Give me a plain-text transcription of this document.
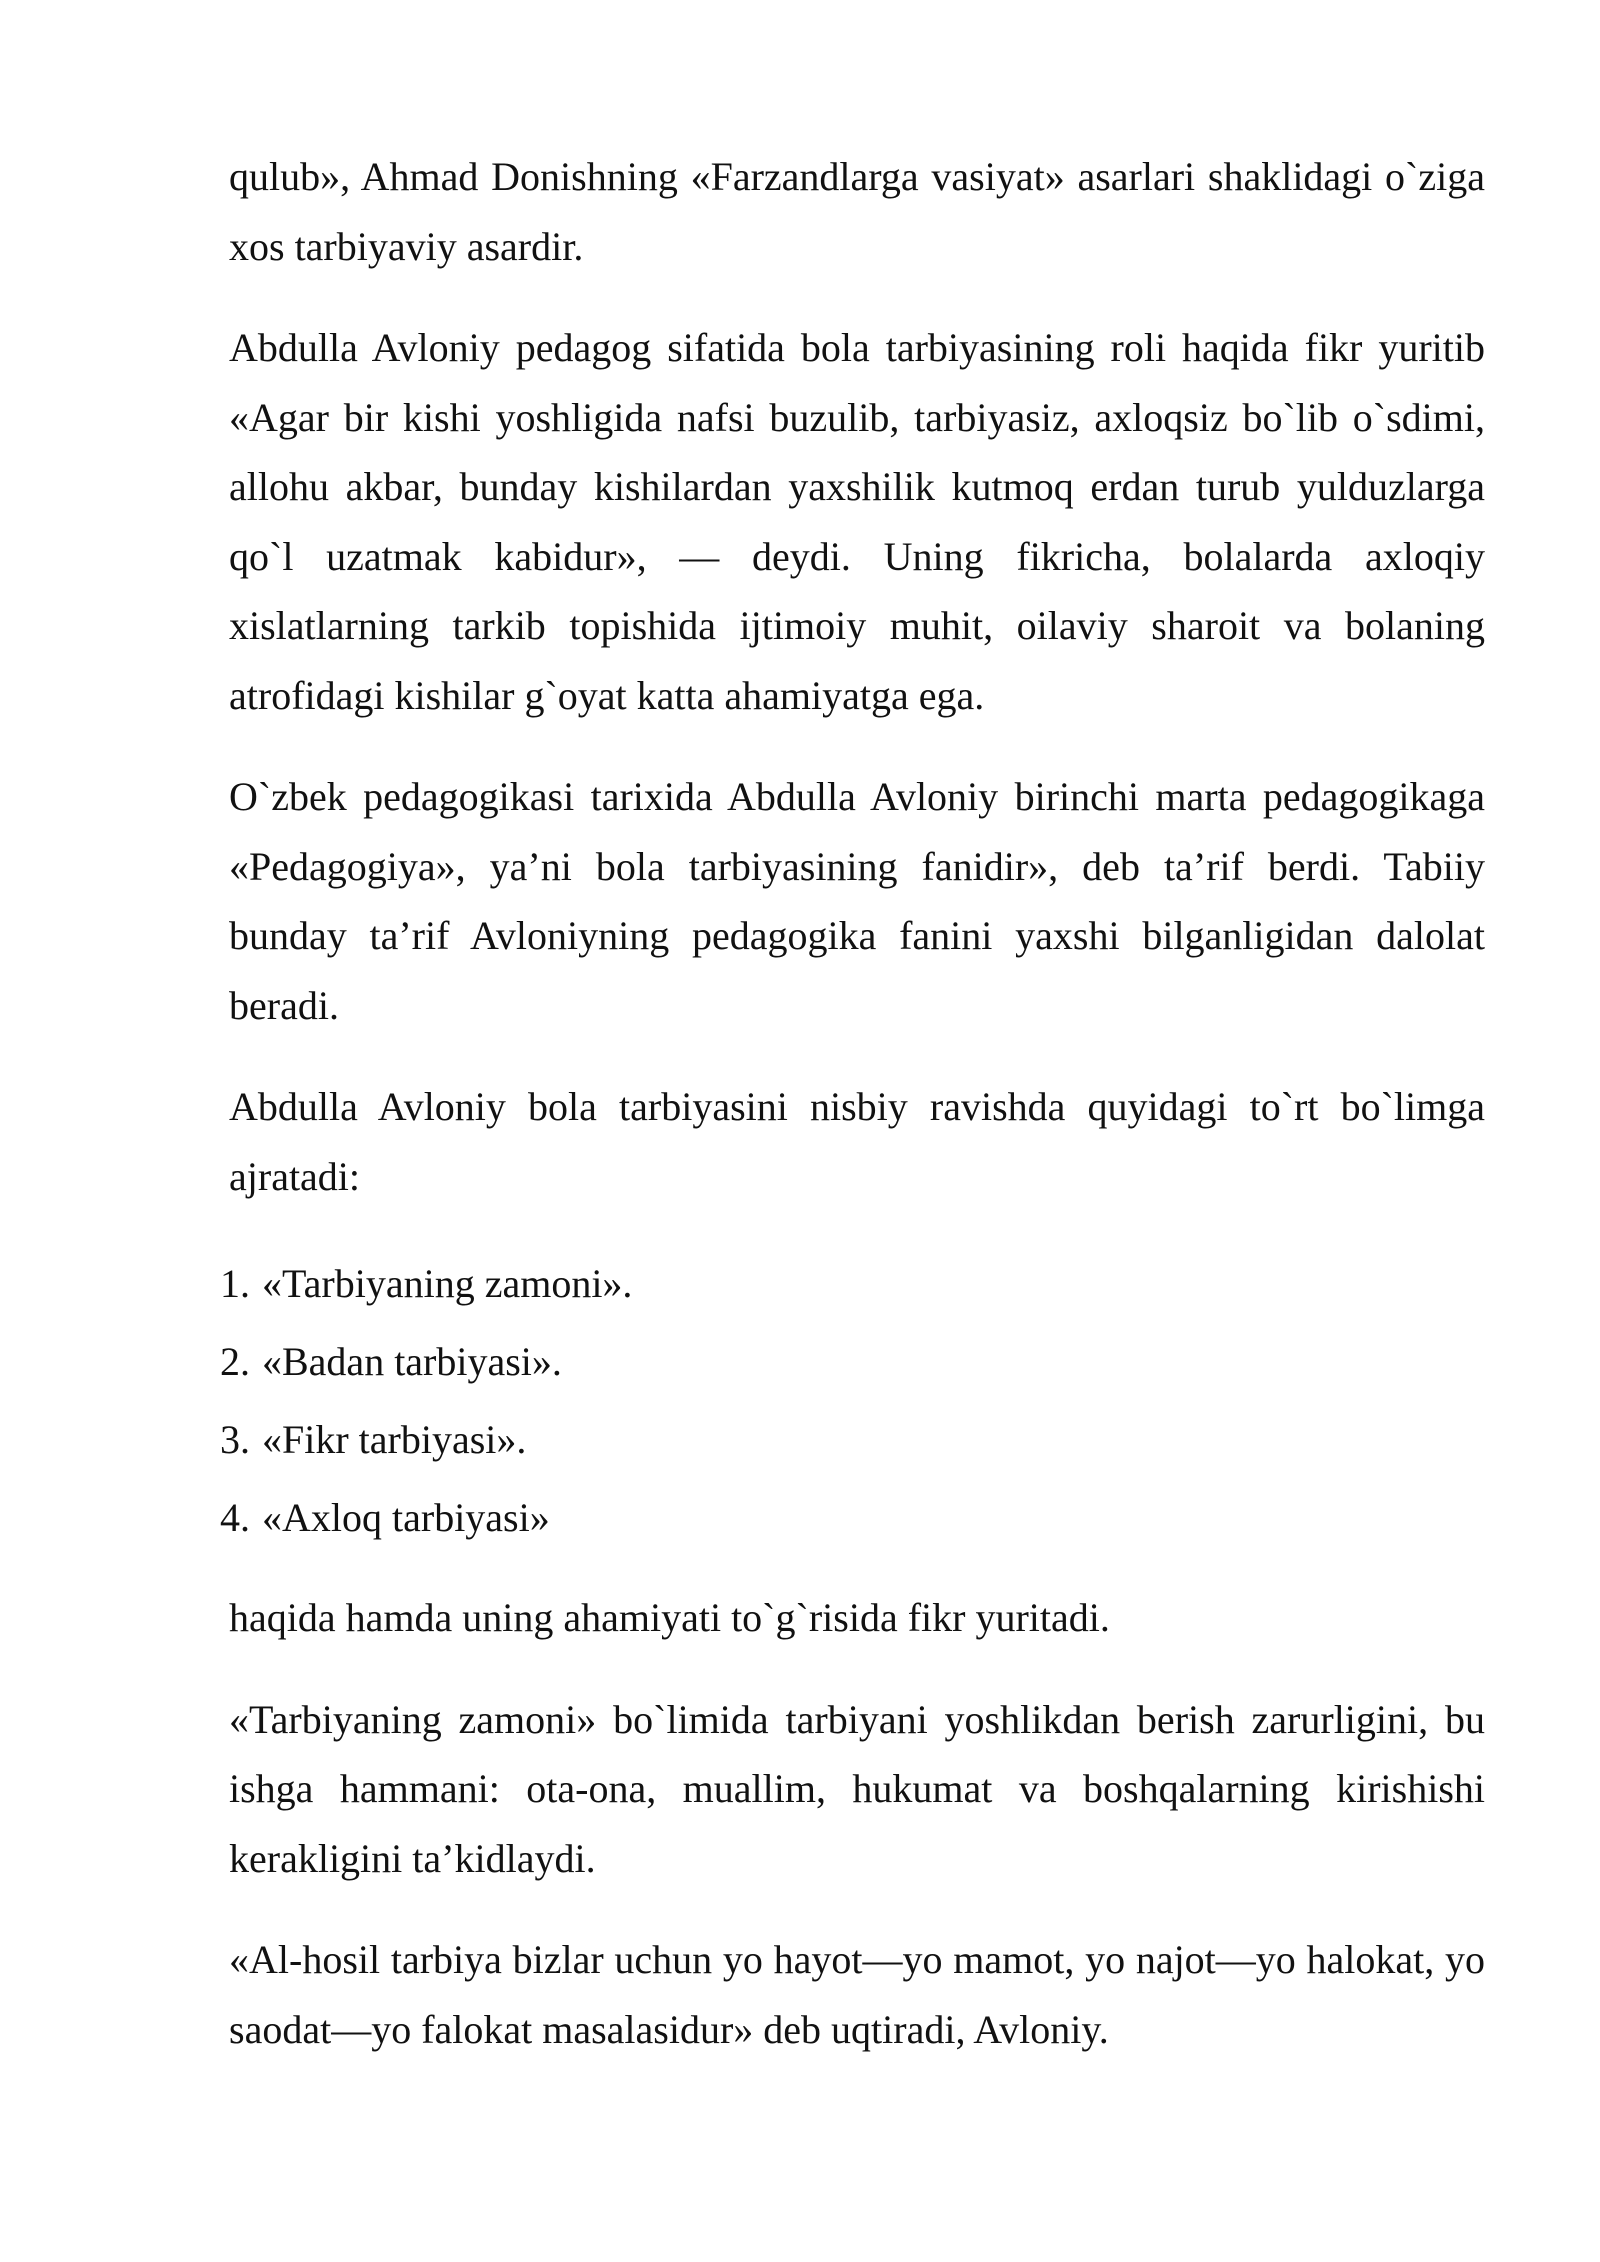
qulub», Ahmad Donishning «Farzandlarga vasiyat» asarlari shaklidagi o`ziga xos tarbiyaviy asardir.

Abdulla Avloniy pedagog sifatida bola tarbiyasining roli haqida fikr yuritib «Agar bir kishi yoshligida nafsi buzulib, tarbiyasiz, axloqsiz bo`lib o`sdimi, allohu akbar, bunday kishilardan yaxshilik kutmoq erdan turub yulduzlarga qo`l uzatmak kabidur», — deydi. Uning fikricha, bolalarda axloqiy xislatlarning tarkib topishida ijtimoiy muhit, oilaviy sharoit va bolaning atrofidagi kishilar g`oyat katta ahamiyatga ega.

O`zbek pedagogikasi tarixida Abdulla Avloniy birinchi marta pedagogikaga «Pedagogiya», ya’ni bola tarbiyasining fanidir», deb ta’rif berdi. Tabiiy bunday ta’rif Avloniyning pedagogika fanini yaxshi bilganligidan dalolat beradi.

Abdulla Avloniy bola tarbiyasini nisbiy ravishda quyidagi to`rt bo`limga ajratadi:

1. «Tarbiyaning zamoni».
2. «Badan tarbiyasi».
3. «Fikr tarbiyasi».
4. «Axloq tarbiyasi»

haqida hamda uning ahamiyati to`g`risida fikr yuritadi.

«Tarbiyaning zamoni» bo`limida tarbiyani yoshlikdan berish zarurligini, bu ishga hammani: ota-ona, muallim, hukumat va boshqalarning kirishishi kerakligini ta’kidlaydi.

«Al-hosil tarbiya bizlar uchun yo hayot—yo mamot, yo najot—yo halokat, yo saodat—yo falokat masalasidur» deb uqtiradi, Avloniy.
